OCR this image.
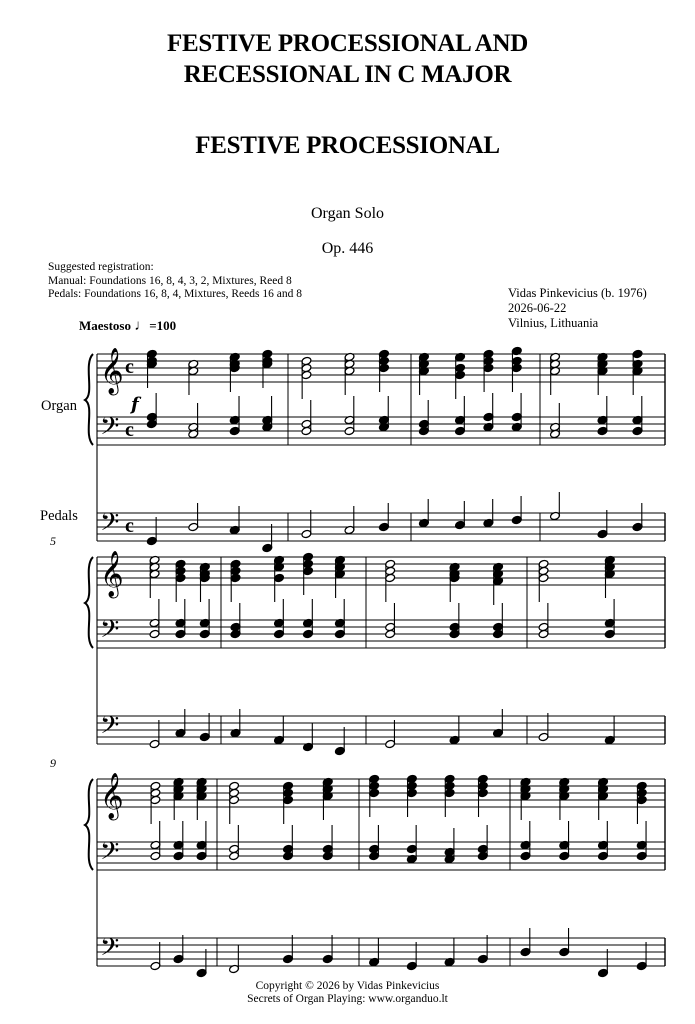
FESTIVE PROCESSIONAL AND
RECESSIONAL IN C MAJOR
FESTIVE PROCESSIONAL
Organ Solo
Op. 446
Suggested registration:
Manual: Foundations 16, 8, 4, 3, 2, Mixtures, Reed 8
Pedals: Foundations 16, 8, 4, Mixtures, Reeds 16 and 8	Vidas Pinkevicius (b. 1976)
2026-06-22
Vilnius, Lithuania
Maestoso ♩=100
Organ
Pedals
5
9
𝄞
𝄢
𝄢
c
c
c
𝄞
𝄢
𝄢
𝄞
𝄢
𝄢
f
Copyright © 2026 by Vidas Pinkevicius
Secrets of Organ Playing: www.organduo.lt
